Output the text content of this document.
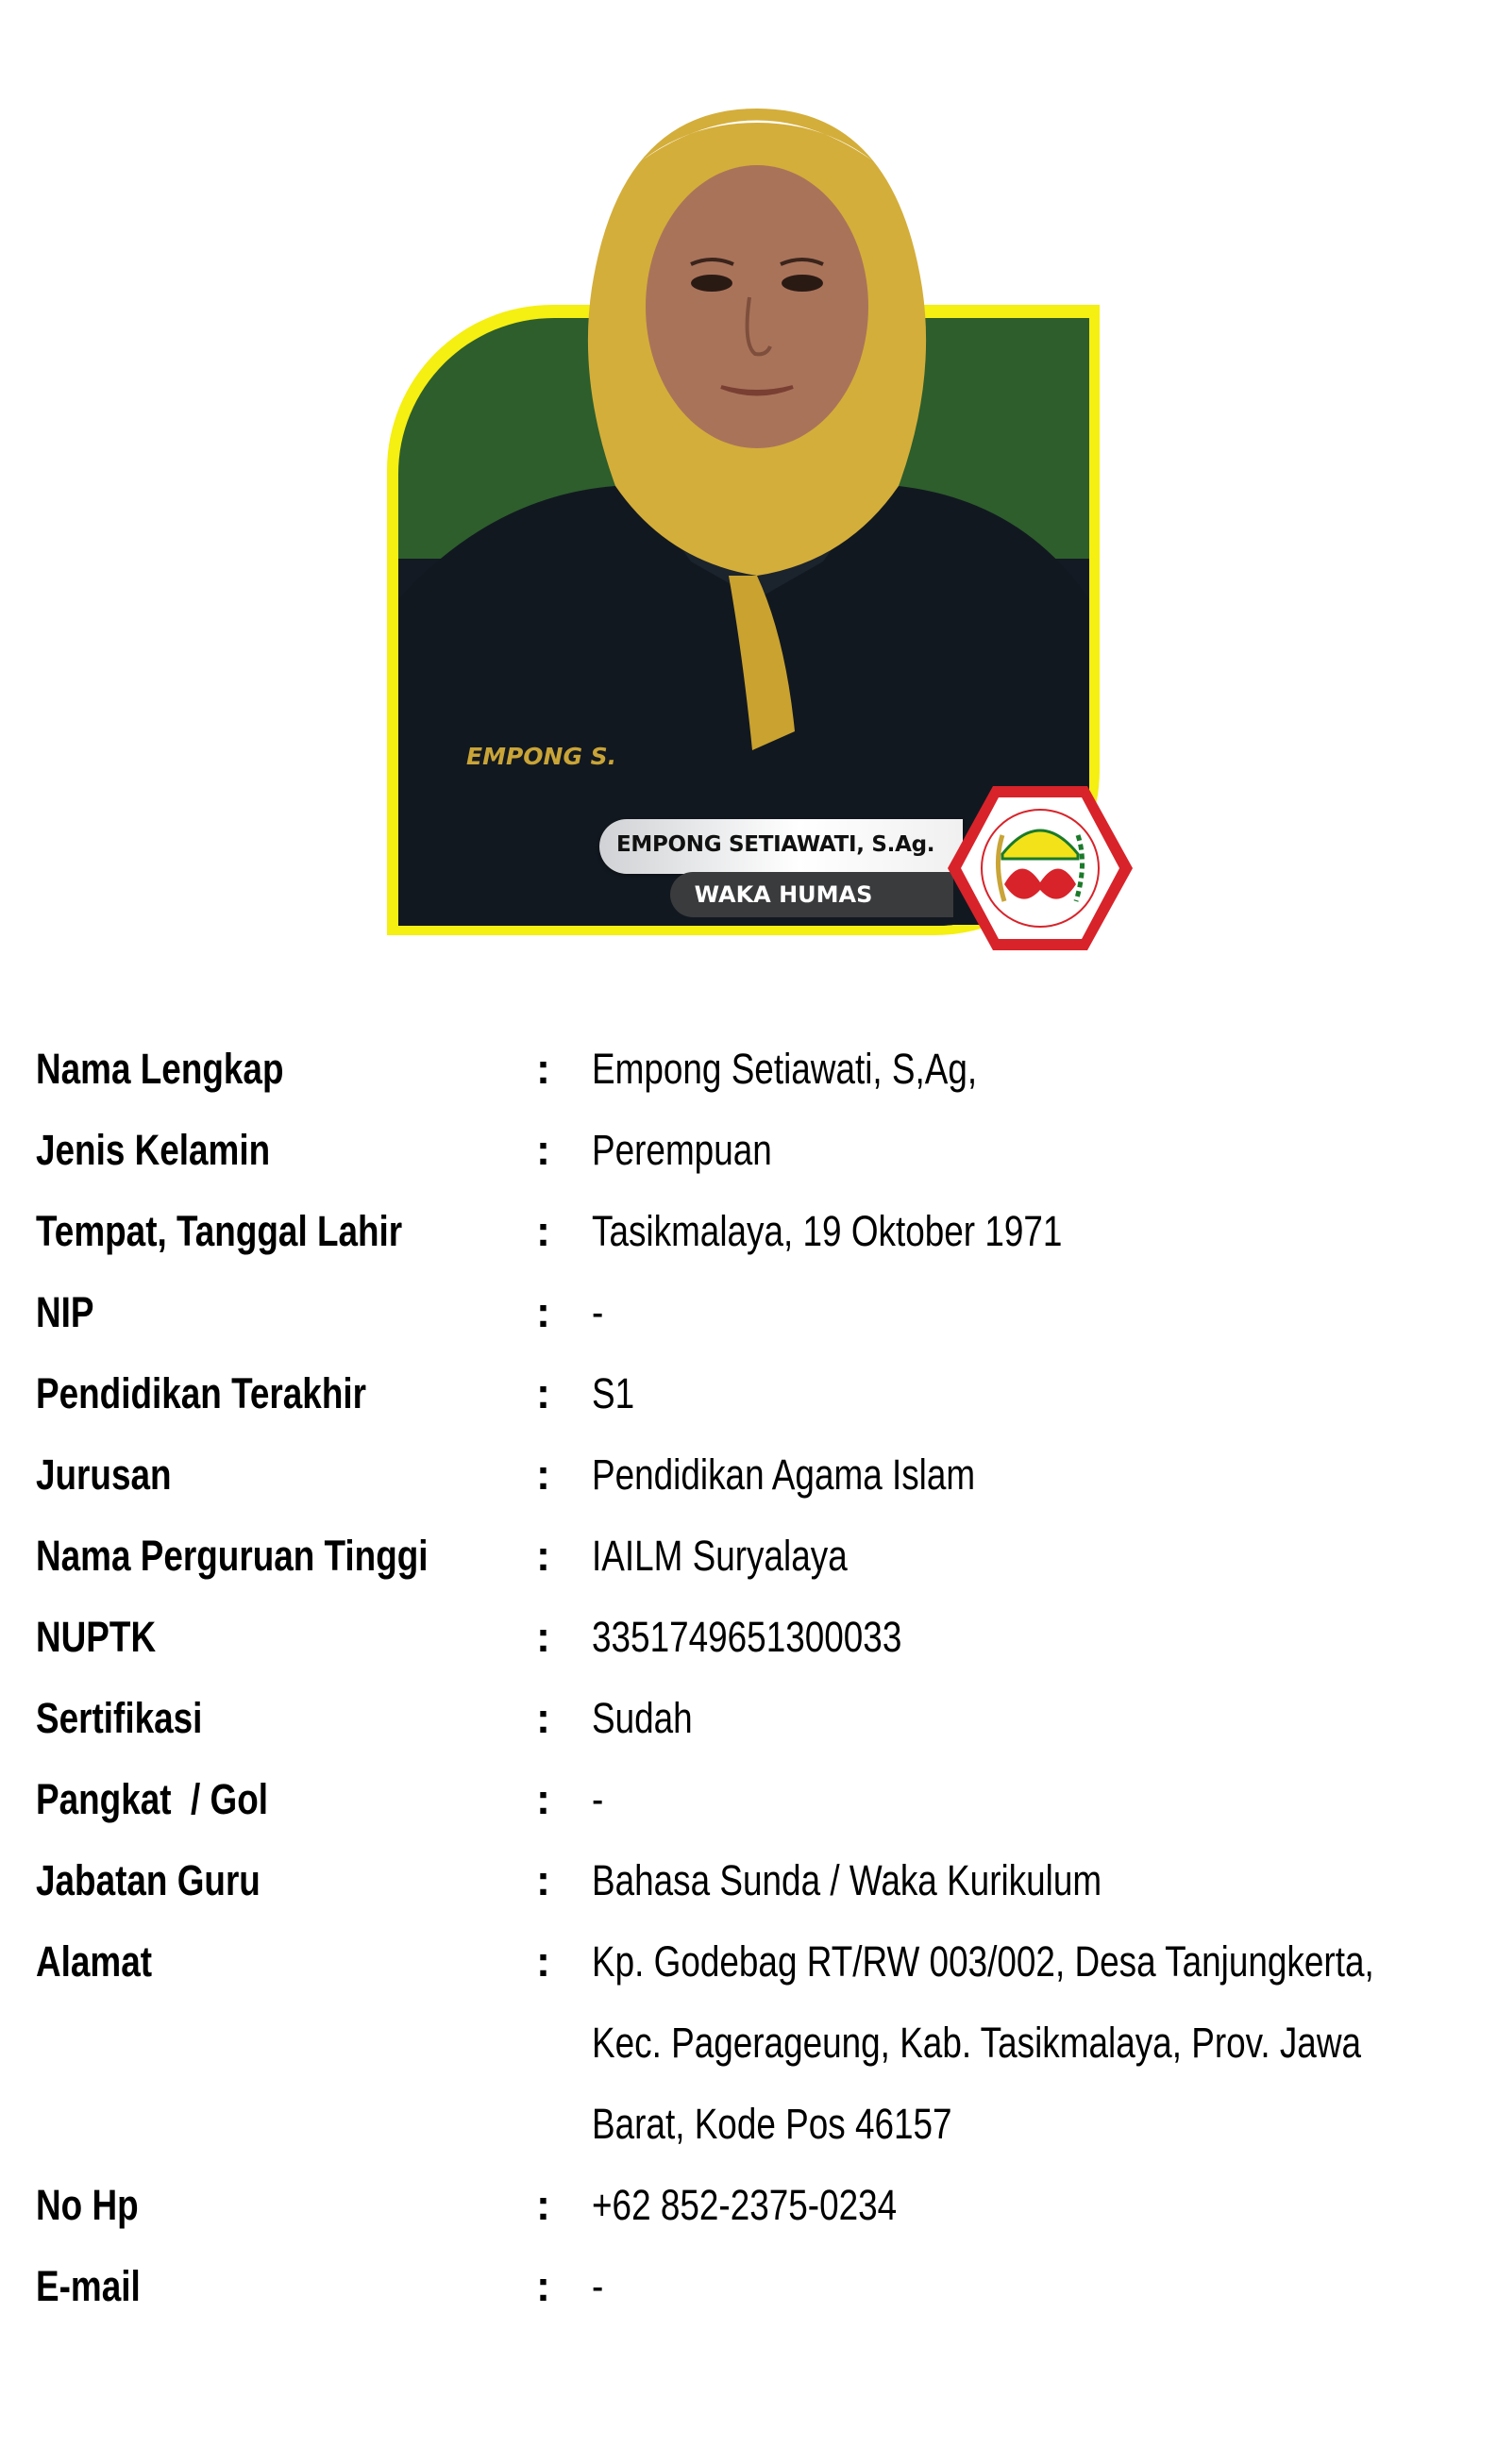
EMPONG S.
EMPONG SETIAWATI, S.Ag.
WAKA HUMAS
Nama Lengkap	: Empong Setiawati, S,Ag,
Jenis Kelamin	: Perempuan
Tempat, Tanggal Lahir	: Tasikmalaya, 19 Oktober 1971
NIP	: -
Pendidikan Terakhir	: S1
Jurusan	: Pendidikan Agama Islam
Nama Perguruan Tinggi	: IAILM Suryalaya
NUPTK	: 3351749651300033
Sertifikasi	: Sudah
Pangkat  / Gol	: -
Jabatan Guru	: Bahasa Sunda / Waka Kurikulum
Alamat	: Kp. Godebag RT/RW 003/002, Desa Tanjungkerta,
Kec. Pagerageung, Kab. Tasikmalaya, Prov. Jawa
Barat, Kode Pos 46157
No Hp	: +62 852-2375-0234
E-mail	: -
